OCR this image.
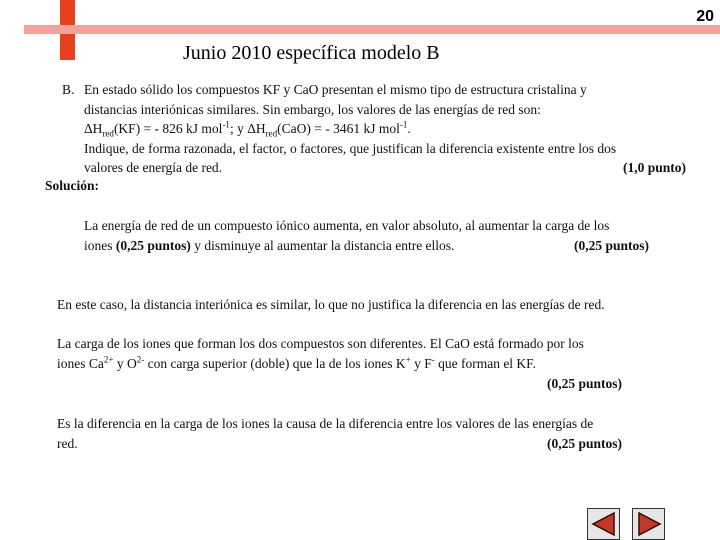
20
Junio 2010 específica modelo B
B. En estado sólido los compuestos KF y CaO presentan el mismo tipo de estructura cristalina y
distancias interiónicas similares. Sin embargo, los valores de las energías de red son:
$\Delta H_{red}(KF)$ = - 826 kJ mol$^{-1}$; y $\Delta H_{red}(CaO)$ = - 3461 kJ mol$^{-1}$.
Indique, de forma razonada, el factor, o factores, que justifican la diferencia existente entre los dos
valores de energía de red.	(1,0 punto)
Solución:
La energía de red de un compuesto iónico aumenta, en valor absoluto, al aumentar la carga de los
iones (0,25 puntos) y disminuye al aumentar la distancia entre ellos.	(0,25 puntos)
En este caso, la distancia interiónica es similar, lo que no justifica la diferencia en las energías de red.
La carga de los iones que forman los dos compuestos son diferentes. El CaO está formado por los
iones $Ca^{2+}$ y $O^{2-}$ con carga superior (doble) que la de los iones K+ y F- que forman el KF.
(0,25 puntos)
Es la diferencia en la carga de los iones la causa de la diferencia entre los valores de las energías de
red.	(0,25 puntos)
